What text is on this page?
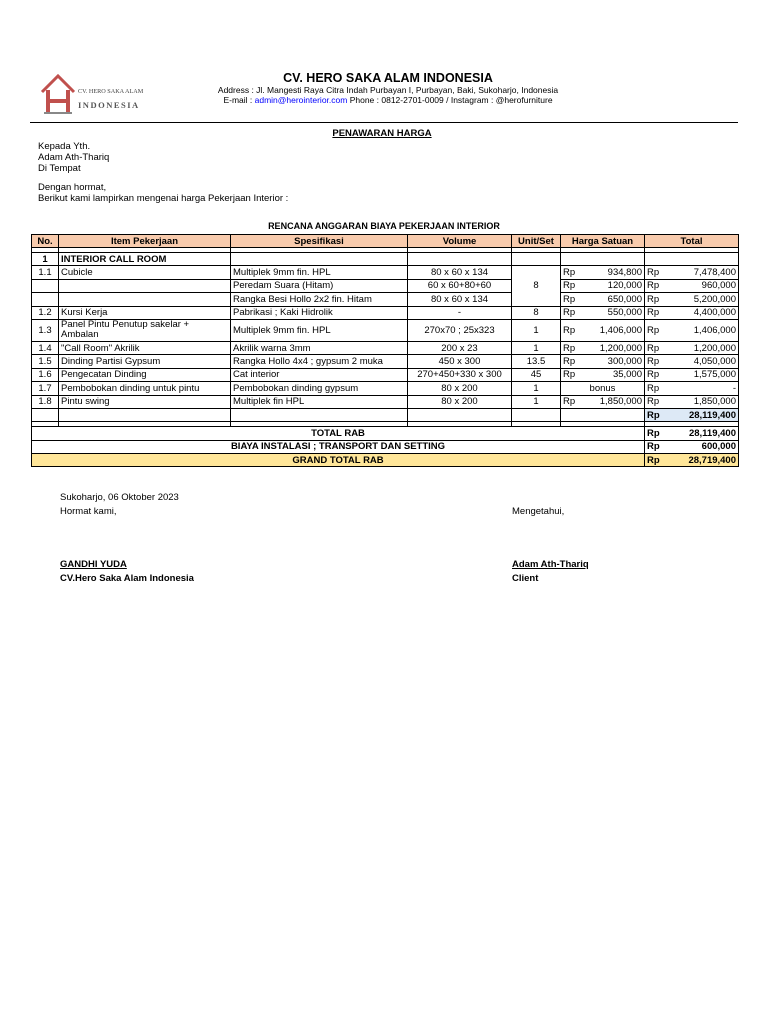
CV. HERO SAKA ALAM
INDONESIA
CV. HERO SAKA ALAM INDONESIA
Address : Jl. Mangesti Raya Citra Indah Purbayan I, Purbayan, Baki, Sukoharjo, Indonesia
E-mail : admin@herointerior.com Phone : 0812-2701-0009 / Instagram : @herofurniture
PENAWARAN HARGA
Kepada Yth.
Adam Ath-Thariq
Di Tempat
Dengan hormat,
Berikut kami lampirkan mengenai harga Pekerjaan Interior :
RENCANA ANGGARAN BIAYA PEKERJAAN INTERIOR
No.	Item Pekerjaan	Spesifikasi	Volume	Unit/Set	Harga Satuan		Total	

1	INTERIOR CALL ROOM							
1.1	Cubicle	Multiplek 9mm fin. HPL	80 x 60 x 134	8	Rp	934,800	Rp	7,478,400
		Peredam Suara (Hitam)	60 x 60+80+60		Rp	120,000	Rp	960,000
		Rangka Besi Hollo 2x2 fin. Hitam	80 x 60 x 134		Rp	650,000	Rp	5,200,000
1.2	Kursi Kerja	Pabrikasi ; Kaki Hidrolik	-	8	Rp	550,000	Rp	4,400,000
1.3	Panel Pintu Penutup sakelar + Ambalan	Multiplek 9mm fin. HPL	270x70 ; 25x323	1	Rp	1,406,000	Rp	1,406,000
1.4	"Call Room" Akrilik	Akrilik warna 3mm	200 x 23	1	Rp	1,200,000	Rp	1,200,000
1.5	Dinding Partisi Gypsum	Rangka Hollo 4x4 ; gypsum 2 muka	450 x 300	13.5	Rp	300,000	Rp	4,050,000
1.6	Pengecatan Dinding	Cat interior	270+450+330 x 300	45	Rp	35,000	Rp	1,575,000
1.7	Pembobokan dinding untuk pintu	Pembobokan dinding gypsum	80 x 200	1	bonus		Rp	-
1.8	Pintu swing	Multiplek fin HPL	80 x 200	1	Rp	1,850,000	Rp	1,850,000
							Rp	28,119,400

TOTAL RAB							Rp	28,119,400
BIAYA INSTALASI ; TRANSPORT DAN SETTING							Rp	600,000
GRAND TOTAL RAB							Rp	28,719,400
Sukoharjo, 06 Oktober 2023
Hormat kami,	Mengetahui,
GANDHI YUDA
CV.Hero Saka Alam Indonesia
Adam Ath-Thariq
Client
